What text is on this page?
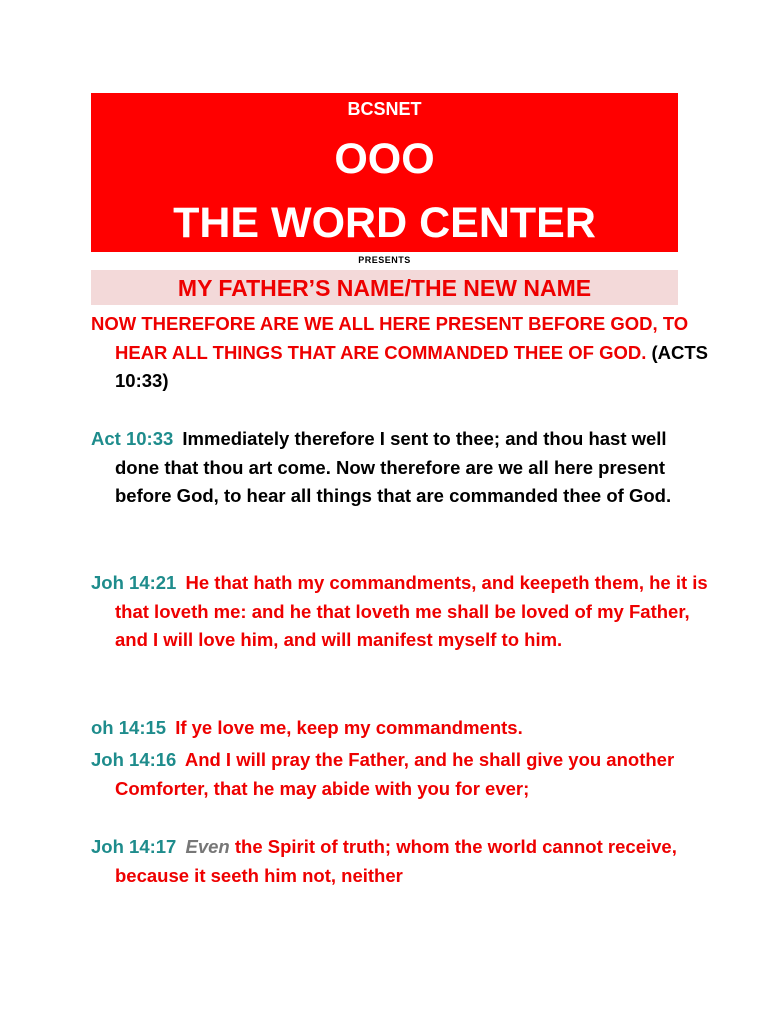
BCSNET
OOO
THE WORD CENTER
PRESENTS
MY FATHER’S NAME/THE NEW NAME

NOW THEREFORE ARE WE ALL HERE PRESENT BEFORE GOD, TO HEAR ALL THINGS THAT ARE COMMANDED THEE OF GOD. (ACTS 10:33)

Act 10:33 Immediately therefore I sent to thee; and thou hast well done that thou art come. Now therefore are we all here present before God, to hear all things that are commanded thee of God.

Joh 14:21 He that hath my commandments, and keepeth them, he it is that loveth me: and he that loveth me shall be loved of my Father, and I will love him, and will manifest myself to him.

oh 14:15 If ye love me, keep my commandments.

Joh 14:16 And I will pray the Father, and he shall give you another Comforter, that he may abide with you for ever;

Joh 14:17 Even the Spirit of truth; whom the world cannot receive, because it seeth him not, neither
